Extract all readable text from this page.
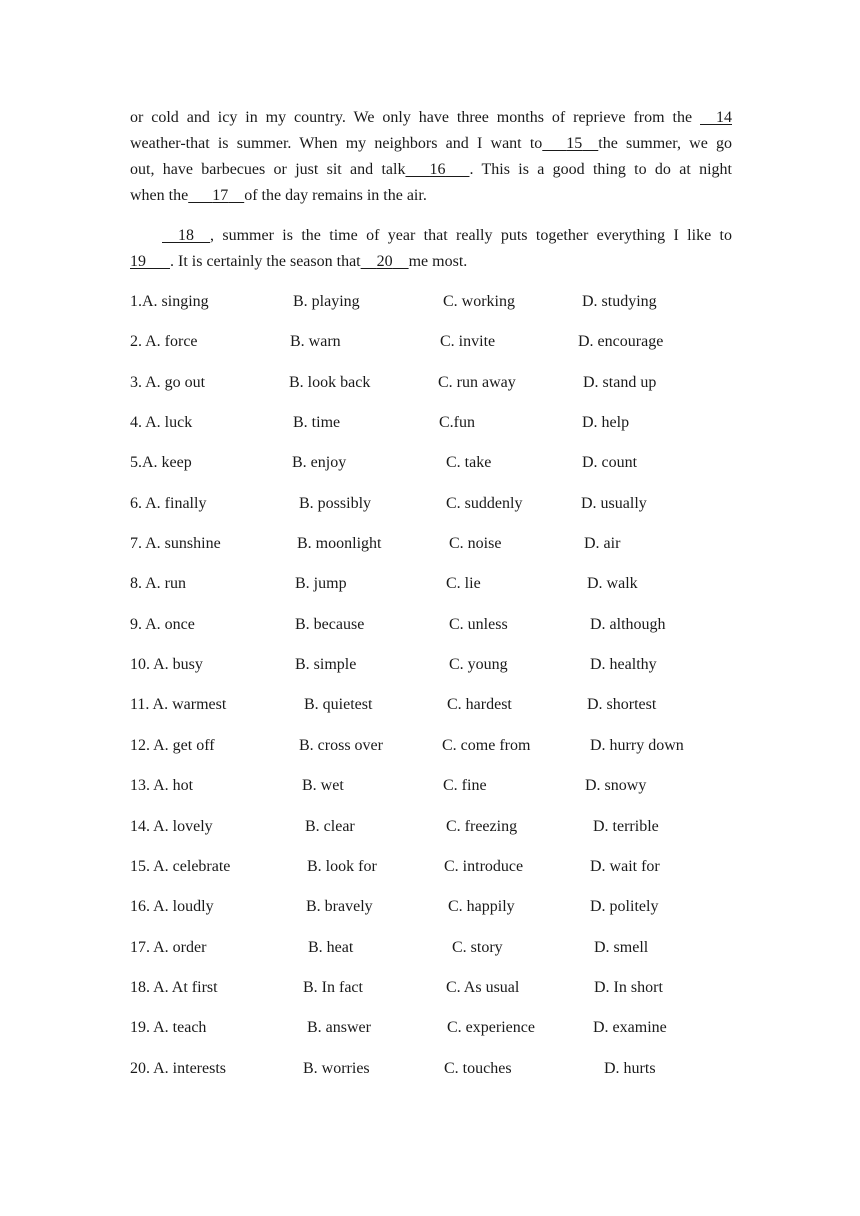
or cold and icy in my country. We only have three months of reprieve from the    14
weather-that is summer. When my neighbors and I want to    15   the summer, we go
out, have barbecues or just sit and talk    16    . This is a good thing to do at night
when the    17   of the day remains in the air.
    18   , summer is the time of year that really puts together everything I like to
19    . It is certainly the season that   20   me most.
1.A. singing	B. playing	C. working	D. studying
2. A. force	B. warn	C. invite	D. encourage
3. A. go out	B. look back	C. run away	D. stand up
4. A. luck	B. time	C.fun	D. help
5.A. keep	B. enjoy	C. take	D. count
6. A. finally	B. possibly	C. suddenly	D. usually
7. A. sunshine	B. moonlight	C. noise	D. air
8. A. run	B. jump	C. lie	D. walk
9. A. once	B. because	C. unless	D. although
10. A. busy	B. simple	C. young	D. healthy
11. A. warmest	B. quietest	C. hardest	D. shortest
12. A. get off	B. cross over	C. come from	D. hurry down
13. A. hot	B. wet	C. fine	D. snowy
14. A. lovely	B. clear	C. freezing	D. terrible
15. A. celebrate	B. look for	C. introduce	D. wait for
16. A. loudly	B. bravely	C. happily	D. politely
17. A. order	B. heat	C. story	D. smell
18. A. At first	B. In fact	C. As usual	D. In short
19. A. teach	B. answer	C. experience	D. examine
20. A. interests	B. worries	C. touches	D. hurts
